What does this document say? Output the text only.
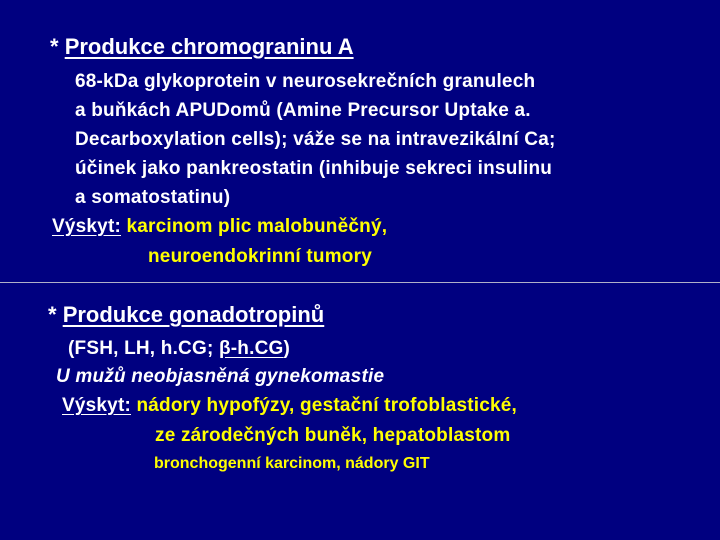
* Produkce chromograninu A
68-kDa glykoprotein v neurosekrečních granulech
a buňkách APUDomů (Amine Precursor Uptake a.
Decarboxylation cells); váže se na intravezikální Ca;
účinek jako pankreostatin (inhibuje sekreci insulinu
a somatostatinu)
Výskyt: karcinom plic malobuněčný,
neuroendokrinní tumory
* Produkce gonadotropinů
(FSH, LH, h.CG; β-h.CG)
U mužů neobjasněná gynekomastie
Výskyt: nádory hypofýzy, gestační trofoblastické,
ze zárodečných buněk, hepatoblastom
bronchogenní karcinom, nádory GIT
